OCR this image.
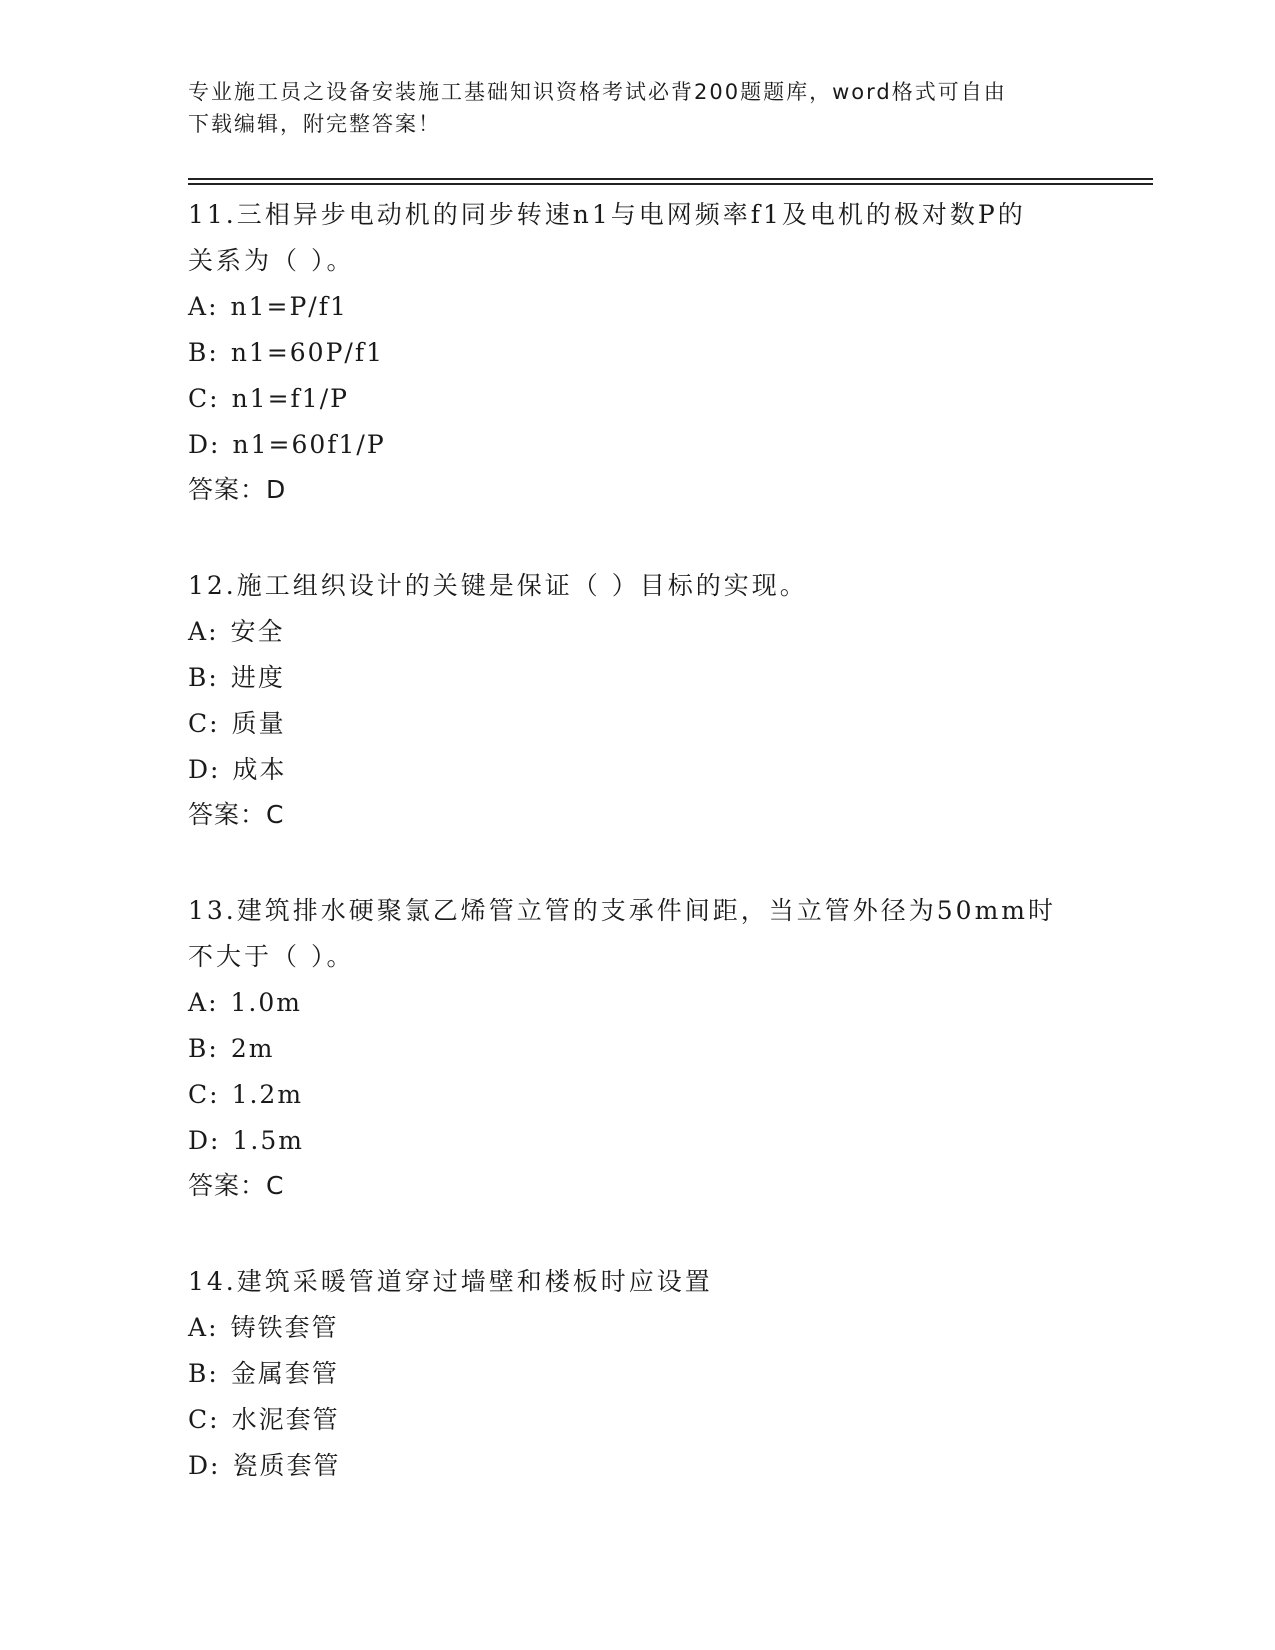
专业施工员之设备安装施工基础知识资格考试必背200题题库，word格式可自由
下载编辑，附完整答案！
11.三相异步电动机的同步转速n1与电网频率f1及电机的极对数P的
关系为（ ）。
A: n1=P/f1
B: n1=60P/f1
C: n1=f1/P
D: n1=60f1/P
答案：D
12.施工组织设计的关键是保证（ ）目标的实现。
A: 安全
B: 进度
C: 质量
D: 成本
答案：C
13.建筑排水硬聚氯乙烯管立管的支承件间距，当立管外径为50mm时
不大于（ ）。
A: 1.0m
B: 2m
C: 1.2m
D: 1.5m
答案：C
14.建筑采暖管道穿过墙壁和楼板时应设置
A: 铸铁套管
B: 金属套管
C: 水泥套管
D: 瓷质套管
